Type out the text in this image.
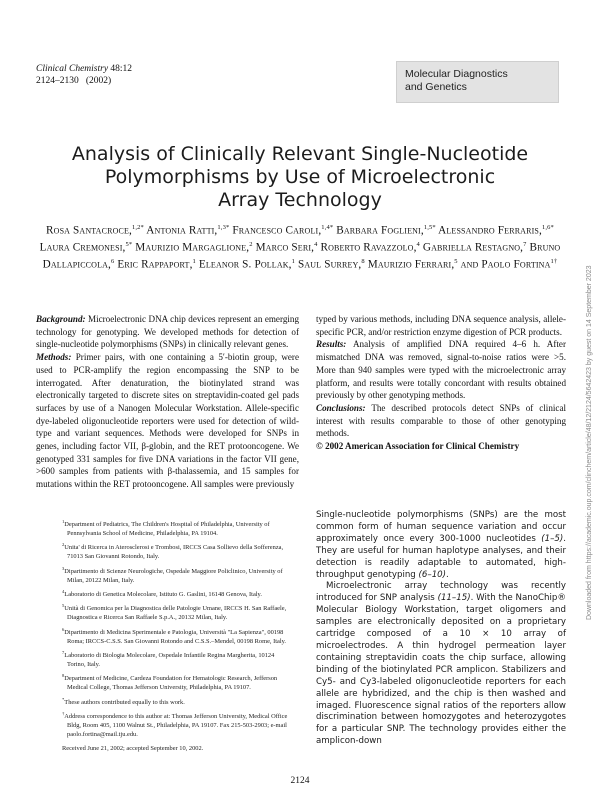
Clinical Chemistry 48:12
2124–2130 (2002)
Molecular Diagnostics
and Genetics
Analysis of Clinically Relevant Single-Nucleotide
Polymorphisms by Use of Microelectronic
Array Technology
Rosa Santacroce,$^{1,2*}$ Antonia Ratti,$^{1,3*}$ Francesco Caroli,$^{1,4*}$ Barbara Foglieni,$^{1,5*}$ Alessandro Ferraris,$^{1,6*}$ Laura Cremonesi,$^{5*}$ Maurizio Margaglione,$^2$ Marco Seri,$^4$ Roberto Ravazzolo,$^4$ Gabriella Restagno,$^7$ Bruno Dallapiccola,$^6$ Eric Rappaport,$^1$ Eleanor S. Pollak,$^1$ Saul Surrey,$^8$ Maurizio Ferrari,$^5$ and Paolo Fortina$^{1\dagger}$
Background: Microelectronic DNA chip devices represent an emerging technology for genotyping. We developed methods for detection of single-nucleotide polymorphisms (SNPs) in clinically relevant genes.
Methods: Primer pairs, with one containing a 5′-biotin group, were used to PCR-amplify the region encompassing the SNP to be interrogated. After denaturation, the biotinylated strand was electronically targeted to discrete sites on streptavidin-coated gel pads surfaces by use of a Nanogen Molecular Workstation. Allele-specific dye-labeled oligonucleotide reporters were used for detection of wild-type and variant sequences. Methods were developed for SNPs in genes, including factor VII, β-globin, and the RET protooncogene. We genotyped 331 samples for five DNA variations in the factor VII gene, >600 samples from patients with β-thalassemia, and 15 samples for mutations within the RET protooncogene. All samples were previously
typed by various methods, including DNA sequence analysis, allele-specific PCR, and/or restriction enzyme digestion of PCR products.
Results: Analysis of amplified DNA required 4–6 h. After mismatched DNA was removed, signal-to-noise ratios were >5. More than 940 samples were typed with the microelectronic array platform, and results were totally concordant with results obtained previously by other genotyping methods.
Conclusions: The described protocols detect SNPs of clinical interest with results comparable to those of other genotyping methods.
© 2002 American Association for Clinical Chemistry	Downloaded from https://academic.oup.com/clinchem/article/48/12/2124/5642423 by guest on 14 September 2023

$^1$Department of Pediatrics, The Children's Hospital of Philadelphia, University of Pennsylvania School of Medicine, Philadelphia, PA 19104.

$^2$Unita' di Ricerca in Aterosclerosi e Trombosi, IRCCS Casa Sollievo della Sofferenza, 71013 San Giovanni Rotondo, Italy.

$^3$Dipartimento di Scienze Neurologiche, Ospedale Maggiore Policlinico, University of Milan, 20122 Milan, Italy.

$^4$Laboratorio di Genetica Molecolare, Istituto G. Gaslini, 16148 Genova, Italy.

$^5$Unità di Genomica per la Diagnostica delle Patologie Umane, IRCCS H. San Raffaele, Diagnostica e Ricerca San Raffaele S.p.A., 20132 Milan, Italy.

$^6$Dipartimento di Medicina Sperimentale e Patologia, Università "La Sapienza", 00198 Roma; IRCCS-C.S.S. San Giovanni Rotondo and C.S.S.–Mendel, 00198 Rome, Italy.

$^7$Laboratorio di Biologia Molecolare, Ospedale Infantile Regina Margherita, 10124 Torino, Italy.

$^8$Department of Medicine, Cardeza Foundation for Hematologic Research, Jefferson Medical College, Thomas Jefferson University, Philadelphia, PA 19107.

*These authors contributed equally to this work.

†Address correspondence to this author at: Thomas Jefferson University, Medical Office Bldg, Room 405, 1100 Walnut St., Philadelphia, PA 19107. Fax 215-503-2903; e-mail paolo.fortina@mail.tju.edu.

Received June 21, 2002; accepted September 10, 2002.

Single-nucleotide polymorphisms (SNPs) are the most common form of human sequence variation and occur approximately once every 300-1000 nucleotides (1–5). They are useful for human haplotype analyses, and their detection is readily adaptable to automated, high-throughput genotyping (6–10).

Microelectronic array technology was recently introduced for SNP analysis (11–15). With the NanoChip® Molecular Biology Workstation, target oligomers and samples are electronically deposited on a proprietary cartridge composed of a 10 × 10 array of microelectrodes. A thin hydrogel permeation layer containing streptavidin coats the chip surface, allowing binding of the biotinylated PCR amplicon. Stabilizers and Cy5- and Cy3-labeled oligonucleotide reporters for each allele are hybridized, and the chip is then washed and imaged. Fluorescence signal ratios of the reporters allow discrimination between homozygotes and heterozygotes for a particular SNP. The technology provides either the amplicon-down

2124
